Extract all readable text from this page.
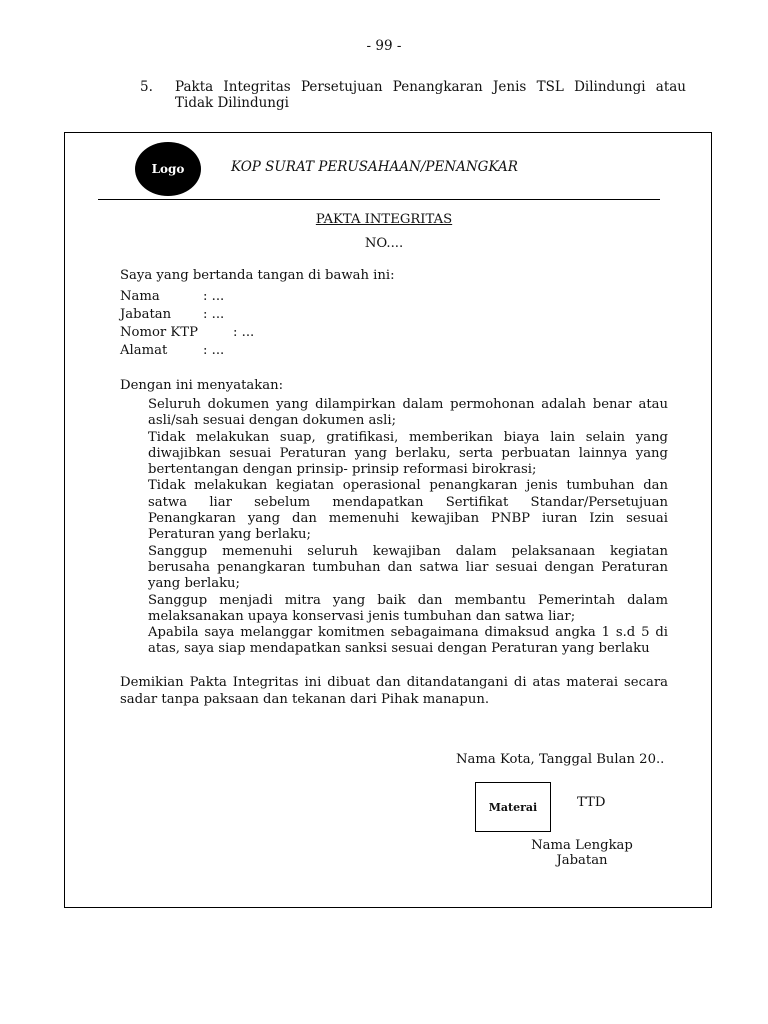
- 99 -
5. Pakta Integritas Persetujuan Penangkaran Jenis TSL Dilindungi atau Tidak Dilindungi
Logo	KOP SURAT PERUSAHAAN/PENANGKAR
PAKTA INTEGRITAS
NO....
Saya yang bertanda tangan di bawah ini:
Nama	: ...
Jabatan : ...
Nomor KTP	: ...
Alamat	: ...
Dengan ini menyatakan:

Seluruh dokumen yang dilampirkan dalam permohonan adalah benar atau asli/sah sesuai dengan dokumen asli;

Tidak melakukan suap, gratifikasi, memberikan biaya lain selain yang diwajibkan sesuai Peraturan yang berlaku, serta perbuatan lainnya yang bertentangan dengan prinsip- prinsip reformasi birokrasi;

Tidak melakukan kegiatan operasional penangkaran jenis tumbuhan dan satwa liar sebelum mendapatkan Sertifikat Standar/Persetujuan Penangkaran yang dan memenuhi kewajiban PNBP iuran Izin sesuai Peraturan yang berlaku;

Sanggup memenuhi seluruh kewajiban dalam pelaksanaan kegiatan berusaha penangkaran tumbuhan dan satwa liar sesuai dengan Peraturan yang berlaku;

Sanggup menjadi mitra yang baik dan membantu Pemerintah dalam melaksanakan upaya konservasi jenis tumbuhan dan satwa liar;

Apabila saya melanggar komitmen sebagaimana dimaksud angka 1 s.d 5 di atas, saya siap mendapatkan sanksi sesuai dengan Peraturan yang berlaku

Demikian Pakta Integritas ini dibuat dan ditandatangani di atas materai secara sadar tanpa paksaan dan tekanan dari Pihak manapun.
Nama Kota, Tanggal Bulan 20..
Materai	TTD
Nama Lengkap
Jabatan
